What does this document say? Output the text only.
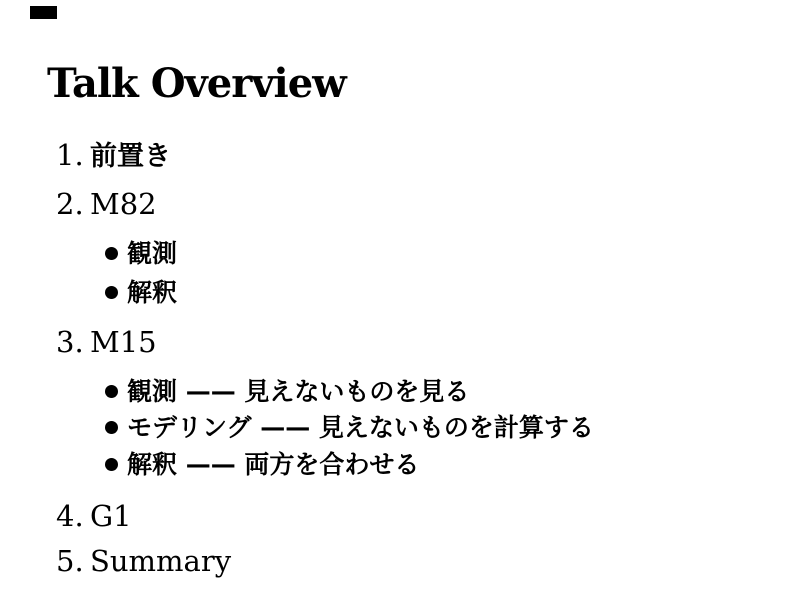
Talk Overview
1. 前置き
2. M82
観測
解釈
3. M15
観測 —— 見えないものを見る
モデリング —— 見えないものを計算する
解釈 —— 両方を合わせる
4. G1
5. Summary
